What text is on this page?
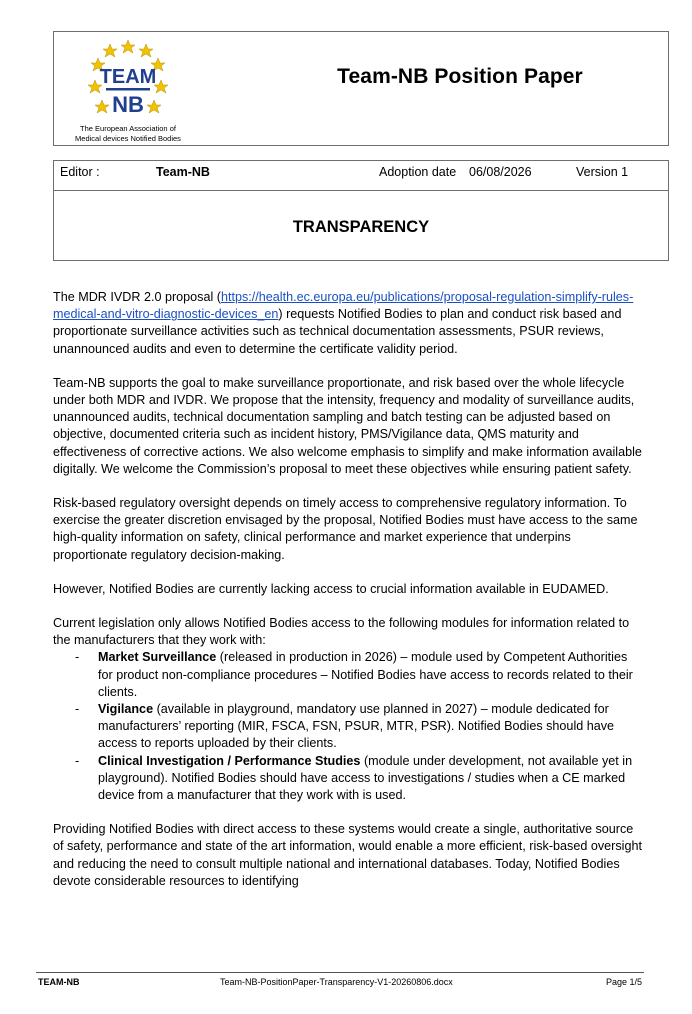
TEAM
NB
The European Association of
Medical devices Notified Bodies
Team-NB Position Paper
Editor :	Team-NB	Adoption date 06/08/2026	Version 1
TRANSPARENCY

The MDR IVDR 2.0 proposal (https://health.ec.europa.eu/publications/proposal-regulation-simplify-rules-medical-and-vitro-diagnostic-devices_en) requests Notified Bodies to plan and conduct risk based and proportionate surveillance activities such as technical documentation assessments, PSUR reviews, unannounced audits and even to determine the certificate validity period.

Team-NB supports the goal to make surveillance proportionate, and risk based over the whole lifecycle under both MDR and IVDR. We propose that the intensity, frequency and modality of surveillance audits, unannounced audits, technical documentation sampling and batch testing can be adjusted based on objective, documented criteria such as incident history, PMS/Vigilance data, QMS maturity and effectiveness of corrective actions. We also welcome emphasis to simplify and make information available digitally. We welcome the Commission’s proposal to meet these objectives while ensuring patient safety.

Risk-based regulatory oversight depends on timely access to comprehensive regulatory information. To exercise the greater discretion envisaged by the proposal, Notified Bodies must have access to the same high-quality information on safety, clinical performance and market experience that underpins proportionate regulatory decision-making.

However, Notified Bodies are currently lacking access to crucial information available in EUDAMED.

Current legislation only allows Notified Bodies access to the following modules for information related to the manufacturers that they work with:

- Market Surveillance (released in production in 2026) – module used by Competent Authorities for product non-compliance procedures – Notified Bodies have access to records related to their clients.
- Vigilance (available in playground, mandatory use planned in 2027) – module dedicated for manufacturers’ reporting (MIR, FSCA, FSN, PSUR, MTR, PSR). Notified Bodies should have access to reports uploaded by their clients.
- Clinical Investigation / Performance Studies (module under development, not available yet in playground). Notified Bodies should have access to investigations / studies when a CE marked device from a manufacturer that they work with is used.

Providing Notified Bodies with direct access to these systems would create a single, authoritative source of safety, performance and state of the art information, would enable a more efficient, risk-based oversight and reducing the need to consult multiple national and international databases. Today, Notified Bodies devote considerable resources to identifying

TEAM-NB	Team-NB-PositionPaper-Transparency-V1-20260806.docx	Page 1/5
